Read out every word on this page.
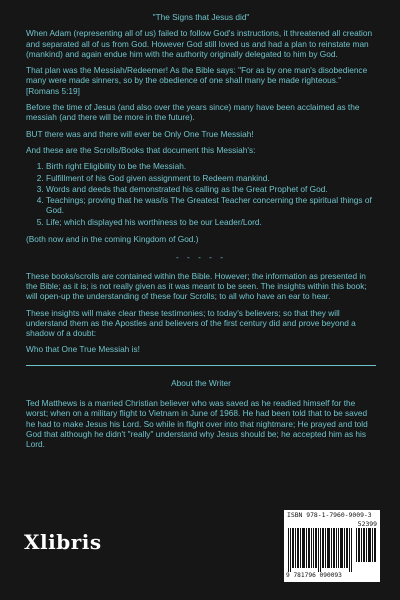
"The Signs that Jesus did"

When Adam (representing all of us) failed to follow God's instructions, it threatened all creation and separated all of us from God. However God still loved us and had a plan to reinstate man (mankind) and again endue him with the authority originally delegated to him by God.

That plan was the Messiah/Redeemer! As the Bible says: "For as by one man's disobedience many were made sinners, so by the obedience of one shall many be made righteous." [Romans 5:19]

Before the time of Jesus (and also over the years since) many have been acclaimed as the messiah (and there will be more in the future).

BUT there was and there will ever be Only One True Messiah!

And these are the Scrolls/Books that document this Messiah's:

1. Birth right Eligibility to be the Messiah.
2. Fulfillment of his God given assignment to Redeem mankind.
3. Words and deeds that demonstrated his calling as the Great Prophet of God.
4. Teachings; proving that he was/is The Greatest Teacher concerning the spiritual things of God.
5. Life; which displayed his worthiness to be our Leader/Lord.

(Both now and in the coming Kingdom of God.)

- - - - -

These books/scrolls are contained within the Bible. However; the information as presented in the Bible; as it is; is not really given as it was meant to be seen. The insights within this book; will open-up the understanding of these four Scrolls; to all who have an ear to hear.

These insights will make clear these testimonies; to today's believers; so that they will understand them as the Apostles and believers of the first century did and prove beyond a shadow of a doubt:

Who that One True Messiah is!

About the Writer

Ted Matthews is a married Christian believer who was saved as he readied himself for the worst; when on a military flight to Vietnam in June of 1968. He had been told that to be saved he had to make Jesus his Lord. So while in flight over into that nightmare; He prayed and told God that although he didn't "really" understand why Jesus should be; he accepted him as his Lord.

Xlibris
ISBN 978-1-7960-9009-3
52399
9 781796 090093
